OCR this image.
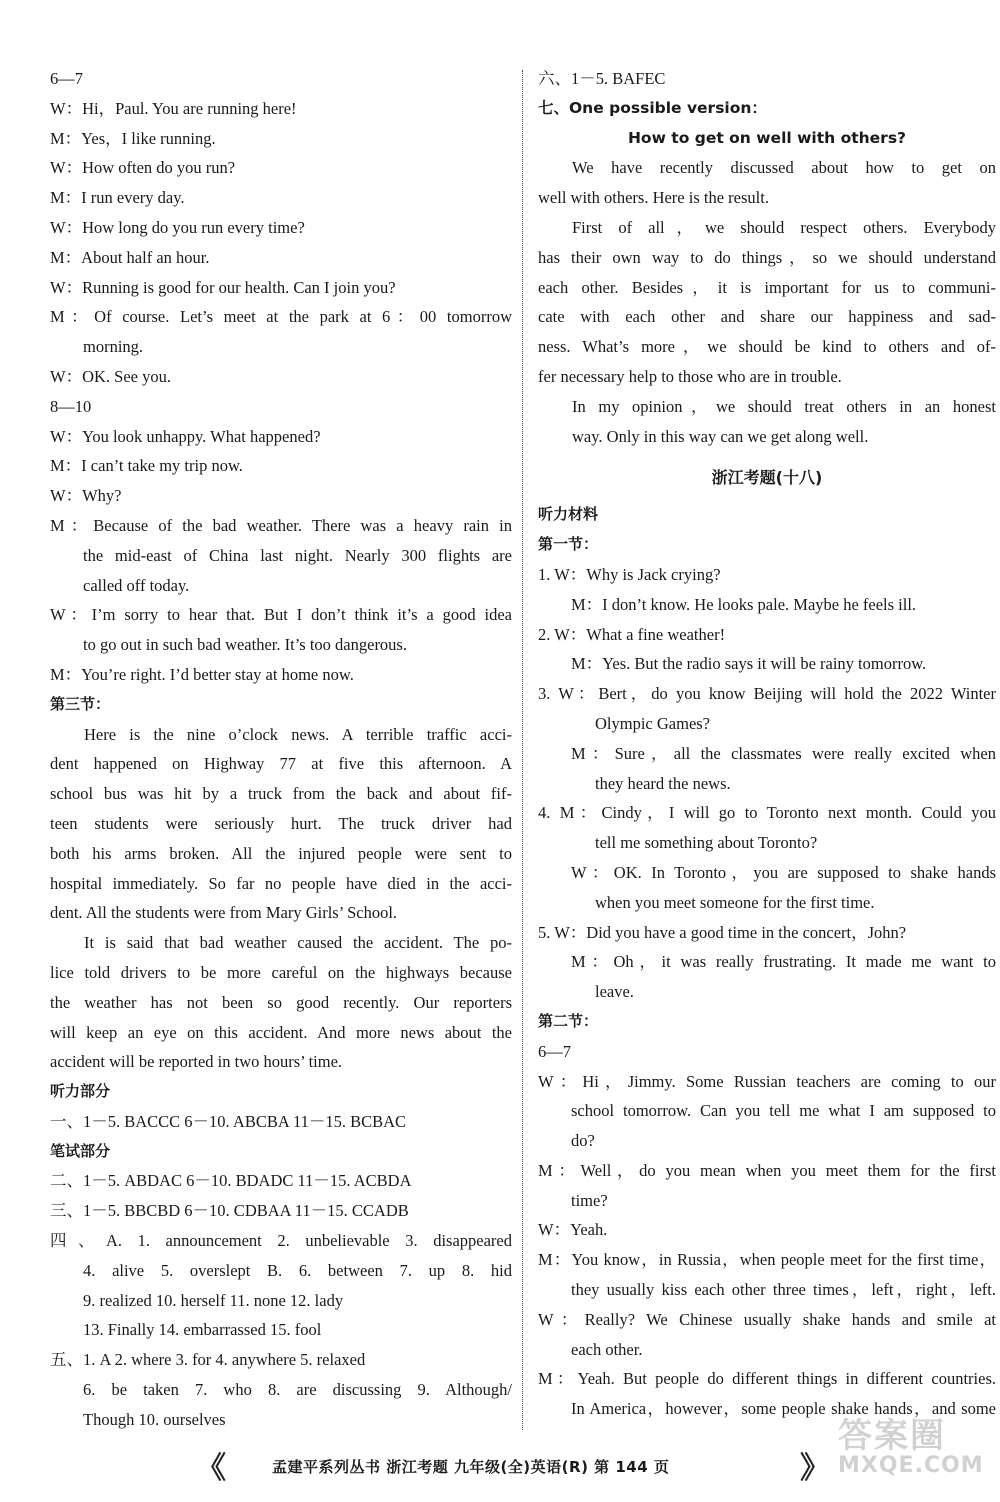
6—7
W：Hi，Paul. You are running here!
M：Yes，I like running.
W：How often do you run?
M：I run every day.
W：How long do you run every time?
M：About half an hour.
W：Running is good for our health. Can I join you?
M：Of course. Let’s meet at the park at 6：00 tomorrow
morning.
W：OK. See you.
8—10
W：You look unhappy. What happened?
M：I can’t take my trip now.
W：Why?
M：Because of the bad weather. There was a heavy rain in
the mid-east of China last night. Nearly 300 flights are
called off today.
W：I’m sorry to hear that. But I don’t think it’s a good idea
to go out in such bad weather. It’s too dangerous.
M：You’re right. I’d better stay at home now.
第三节：
Here is the nine o’clock news. A terrible traffic acci-
dent happened on Highway 77 at five this afternoon. A
school bus was hit by a truck from the back and about fif-
teen students were seriously hurt. The truck driver had
both his arms broken. All the injured people were sent to
hospital immediately. So far no people have died in the acci-
dent. All the students were from Mary Girls’ School.
It is said that bad weather caused the accident. The po-
lice told drivers to be more careful on the highways because
the weather has not been so good recently. Our reporters
will keep an eye on this accident. And more news about the
accident will be reported in two hours’ time.
听力部分
一、1－5. BACCC 6－10. ABCBA 11－15. BCBAC
笔试部分
二、1－5. ABDAC 6－10. BDADC 11－15. ACBDA
三、1－5. BBCBD 6－10. CDBAA 11－15. CCADB
四、A. 1. announcement 2. unbelievable 3. disappeared
4. alive 5. overslept B. 6. between 7. up 8. hid
9. realized 10. herself 11. none 12. lady
13. Finally 14. embarrassed 15. fool
五、1. A 2. where 3. for 4. anywhere 5. relaxed
6. be taken 7. who 8. are discussing 9. Although/
Though 10. ourselves
六、1－5. BAFEC
七、One possible version：
How to get on well with others?
We have recently discussed about how to get on
well with others. Here is the result.
First of all，we should respect others. Everybody
has their own way to do things，so we should understand
each other. Besides，it is important for us to communi-
cate with each other and share our happiness and sad-
ness. What’s more，we should be kind to others and of-
fer necessary help to those who are in trouble.
In my opinion，we should treat others in an honest
way. Only in this way can we get along well.
浙江考题(十八)
听力材料
第一节：
1. W：Why is Jack crying?
M：I don’t know. He looks pale. Maybe he feels ill.
2. W：What a fine weather!
M：Yes. But the radio says it will be rainy tomorrow.
3. W：Bert，do you know Beijing will hold the 2022 Winter
Olympic Games?
M：Sure，all the classmates were really excited when
they heard the news.
4. M：Cindy，I will go to Toronto next month. Could you
tell me something about Toronto?
W：OK. In Toronto，you are supposed to shake hands
when you meet someone for the first time.
5. W：Did you have a good time in the concert，John?
M：Oh，it was really frustrating. It made me want to
leave.
第二节：
6—7
W：Hi，Jimmy. Some Russian teachers are coming to our
school tomorrow. Can you tell me what I am supposed to
do?
M：Well，do you mean when you meet them for the first
time?
W：Yeah.
M：You know，in Russia，when people meet for the first time，
they usually kiss each other three times，left，right，left.
W：Really? We Chinese usually shake hands and smile at
each other.
M：Yeah. But people do different things in different countries.
In America，however，some people shake hands，and some
《	孟建平系列丛书 浙江考题 九年级(全)英语(R) 第 144 页	》
答案圈
MXQE.COM
